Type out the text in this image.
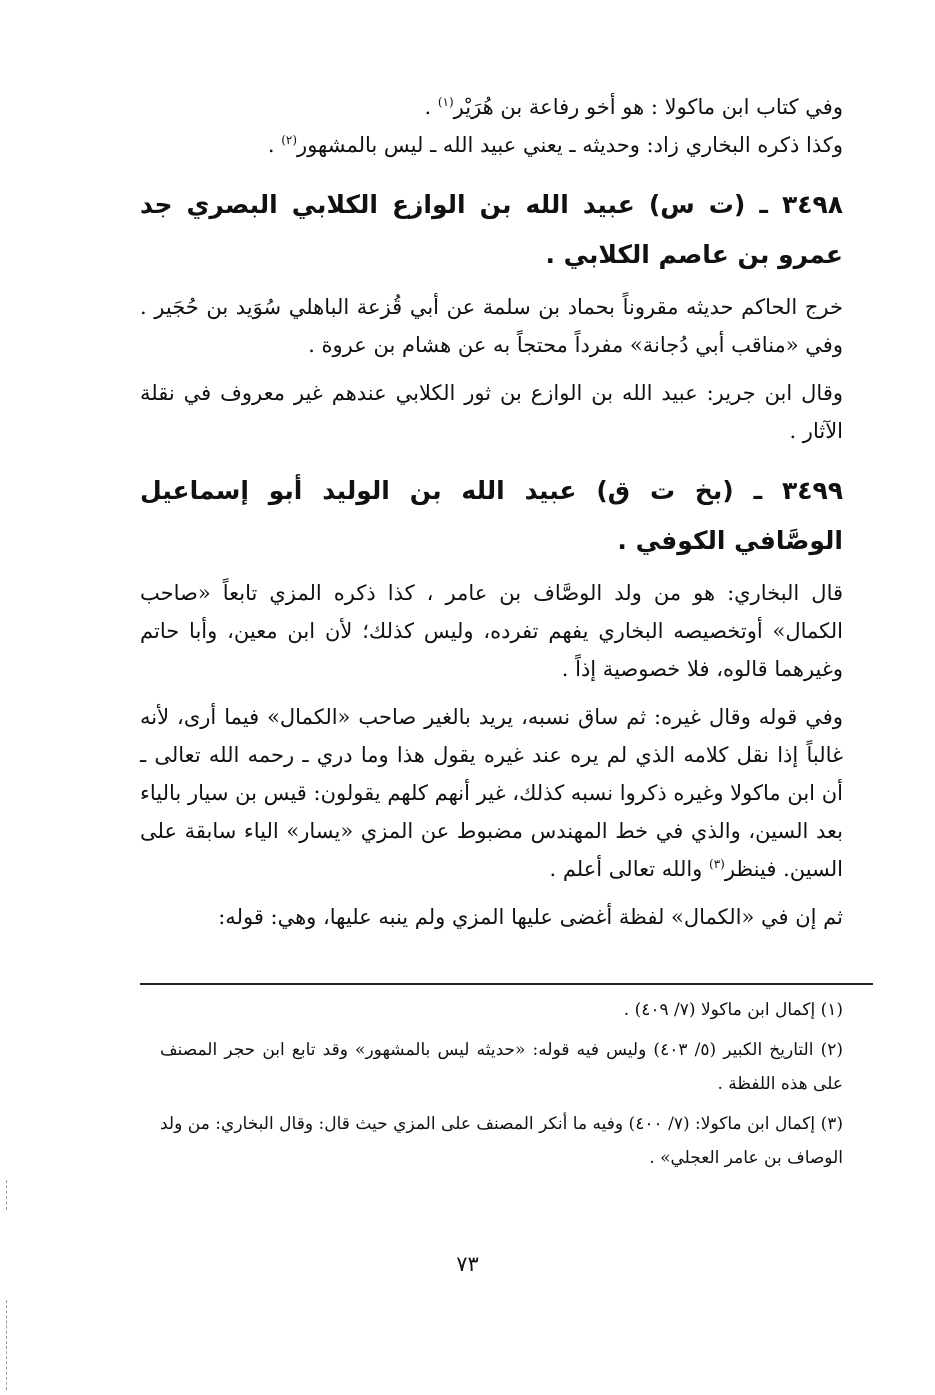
وفي كتاب ابن ماكولا : هو أخو رفاعة بن هُرَيْر$^{(١)}$ .

وكذا ذكره البخاري زاد: وحديثه ـ يعني عبيد الله ـ ليس بالمشهور$^{(٢)}$ .

٣٤٩٨ ـ (ت س) عبيد الله بن الوازع الكلابي البصري جد عمرو بن عاصم الكلابي .

خرج الحاكم حديثه مقروناً بحماد بن سلمة عن أبي قُزعة الباهلي سُوَيد بن حُجَير . وفي «مناقب أبي دُجانة» مفرداً محتجاً به عن هشام بن عروة .

وقال ابن جرير: عبيد الله بن الوازع بن ثور الكلابي عندهم غير معروف في نقلة الآثار .

٣٤٩٩ ـ (بخ ت ق) عبيد الله بن الوليد أبو إسماعيل الوصَّافي الكوفي .

قال البخاري: هو من ولد الوصَّاف بن عامر ، كذا ذكره المزي تابعاً «صاحب الكمال» أوتخصيصه البخاري يفهم تفرده، وليس كذلك؛ لأن ابن معين، وأبا حاتم وغيرهما قالوه، فلا خصوصية إذاً .

وفي قوله وقال غيره: ثم ساق نسبه، يريد بالغير صاحب «الكمال» فيما أرى، لأنه غالباً إذا نقل كلامه الذي لم يره عند غيره يقول هذا وما دري ـ رحمه الله تعالى ـ أن ابن ماكولا وغيره ذكروا نسبه كذلك، غير أنهم كلهم يقولون: قيس بن سيار بالياء بعد السين، والذي في خط المهندس مضبوط عن المزي «يسار» الياء سابقة على السين. فينظر$^{(٣)}$ والله تعالى أعلم .

ثم إن في «الكمال» لفظة أغضى عليها المزي ولم ينبه عليها، وهي: قوله:

(١) إكمال ابن ماكولا (٧/ ٤٠٩) .

(٢) التاريخ الكبير (٥/ ٤٠٣) وليس فيه قوله: «حديثه ليس بالمشهور» وقد تابع ابن حجر المصنف على هذه اللفظة .

(٣) إكمال ابن ماكولا: (٧/ ٤٠٠) وفيه ما أنكر المصنف على المزي حيث قال: وقال البخاري: من ولد الوصاف بن عامر العجلي» .

٧٣
